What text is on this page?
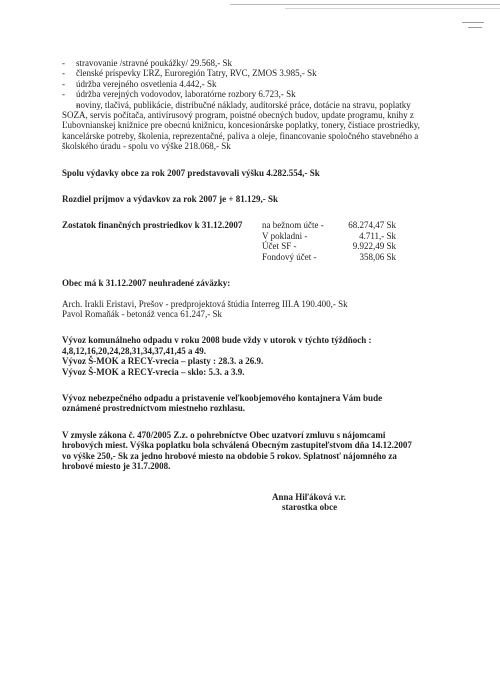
- stravovanie /stravné poukážky/ 29.568,- Sk
- členské príspevky ĽRZ, Euroregión Tatry, RVC, ZMOS 3.985,- Sk
- údržba verejného osvetlenia 4.442,- Sk
- údržba verejných vodovodov, laboratórne rozbory 6.723,- Sk
- noviny, tlačivá, publikácie, distribučné náklady, audítorské práce, dotácie na stravu, poplatky SOZA, servis počítača, antivírusový program, poistné obecných budov, update programu, knihy z Ľubovnianskej knižnice pre obecnú knižnicu, koncesionárske poplatky, tonery, čistiace prostriedky, kancelárske potreby, školenia, reprezentačné, paliva a oleje, financovanie spoločného stavebného a školského úradu - spolu vo výške 218.068,- Sk

Spolu výdavky obce za rok 2007 predstavovali výšku 4.282.554,- Sk

Rozdiel príjmov a výdavkov za rok 2007 je + 81.129,- Sk

Zostatok finančných prostriedkov k 31.12.2007	na bežnom účte -	68.274,47 Sk
V pokladni -	4.711,- Sk
Účet SF -	9.922,49 Sk
Fondový účet -	358,06 Sk

Obec má k 31.12.2007 neuhradené záväzky:

Arch. Irakli Eristavi, Prešov - predprojektová štúdia Interreg III.A 190.400,- Sk

Pavol Romaňák - betonáž venca 61.247,- Sk

Vývoz komunálneho odpadu v roku 2008 bude vždy v utorok v týchto týždňoch : 4,8,12,16,20,24,28,31,34,37,41,45 a 49.

Vývoz Š-MOK a RECY-vrecia – plasty : 28.3. a 26.9.

Vývoz Š-MOK a RECY-vrecia – sklo: 5.3. a 3.9.

Vývoz nebezpečného odpadu a pristavenie veľkoobjemového kontajnera Vám bude oznámené prostredníctvom miestneho rozhlasu.

V zmysle zákona č. 470/2005 Z.z. o pohrebníctve Obec uzatvorí zmluvu s nájomcami hrobových miest. Výška poplatku bola schválená Obecným zastupiteľstvom dňa 14.12.2007 vo výške 250,- Sk za jedno hrobové miesto na obdobie 5 rokov. Splatnosť nájomného za hrobové miesto je 31.7.2008.

Anna Hiľáková v.r.
starostka obce
